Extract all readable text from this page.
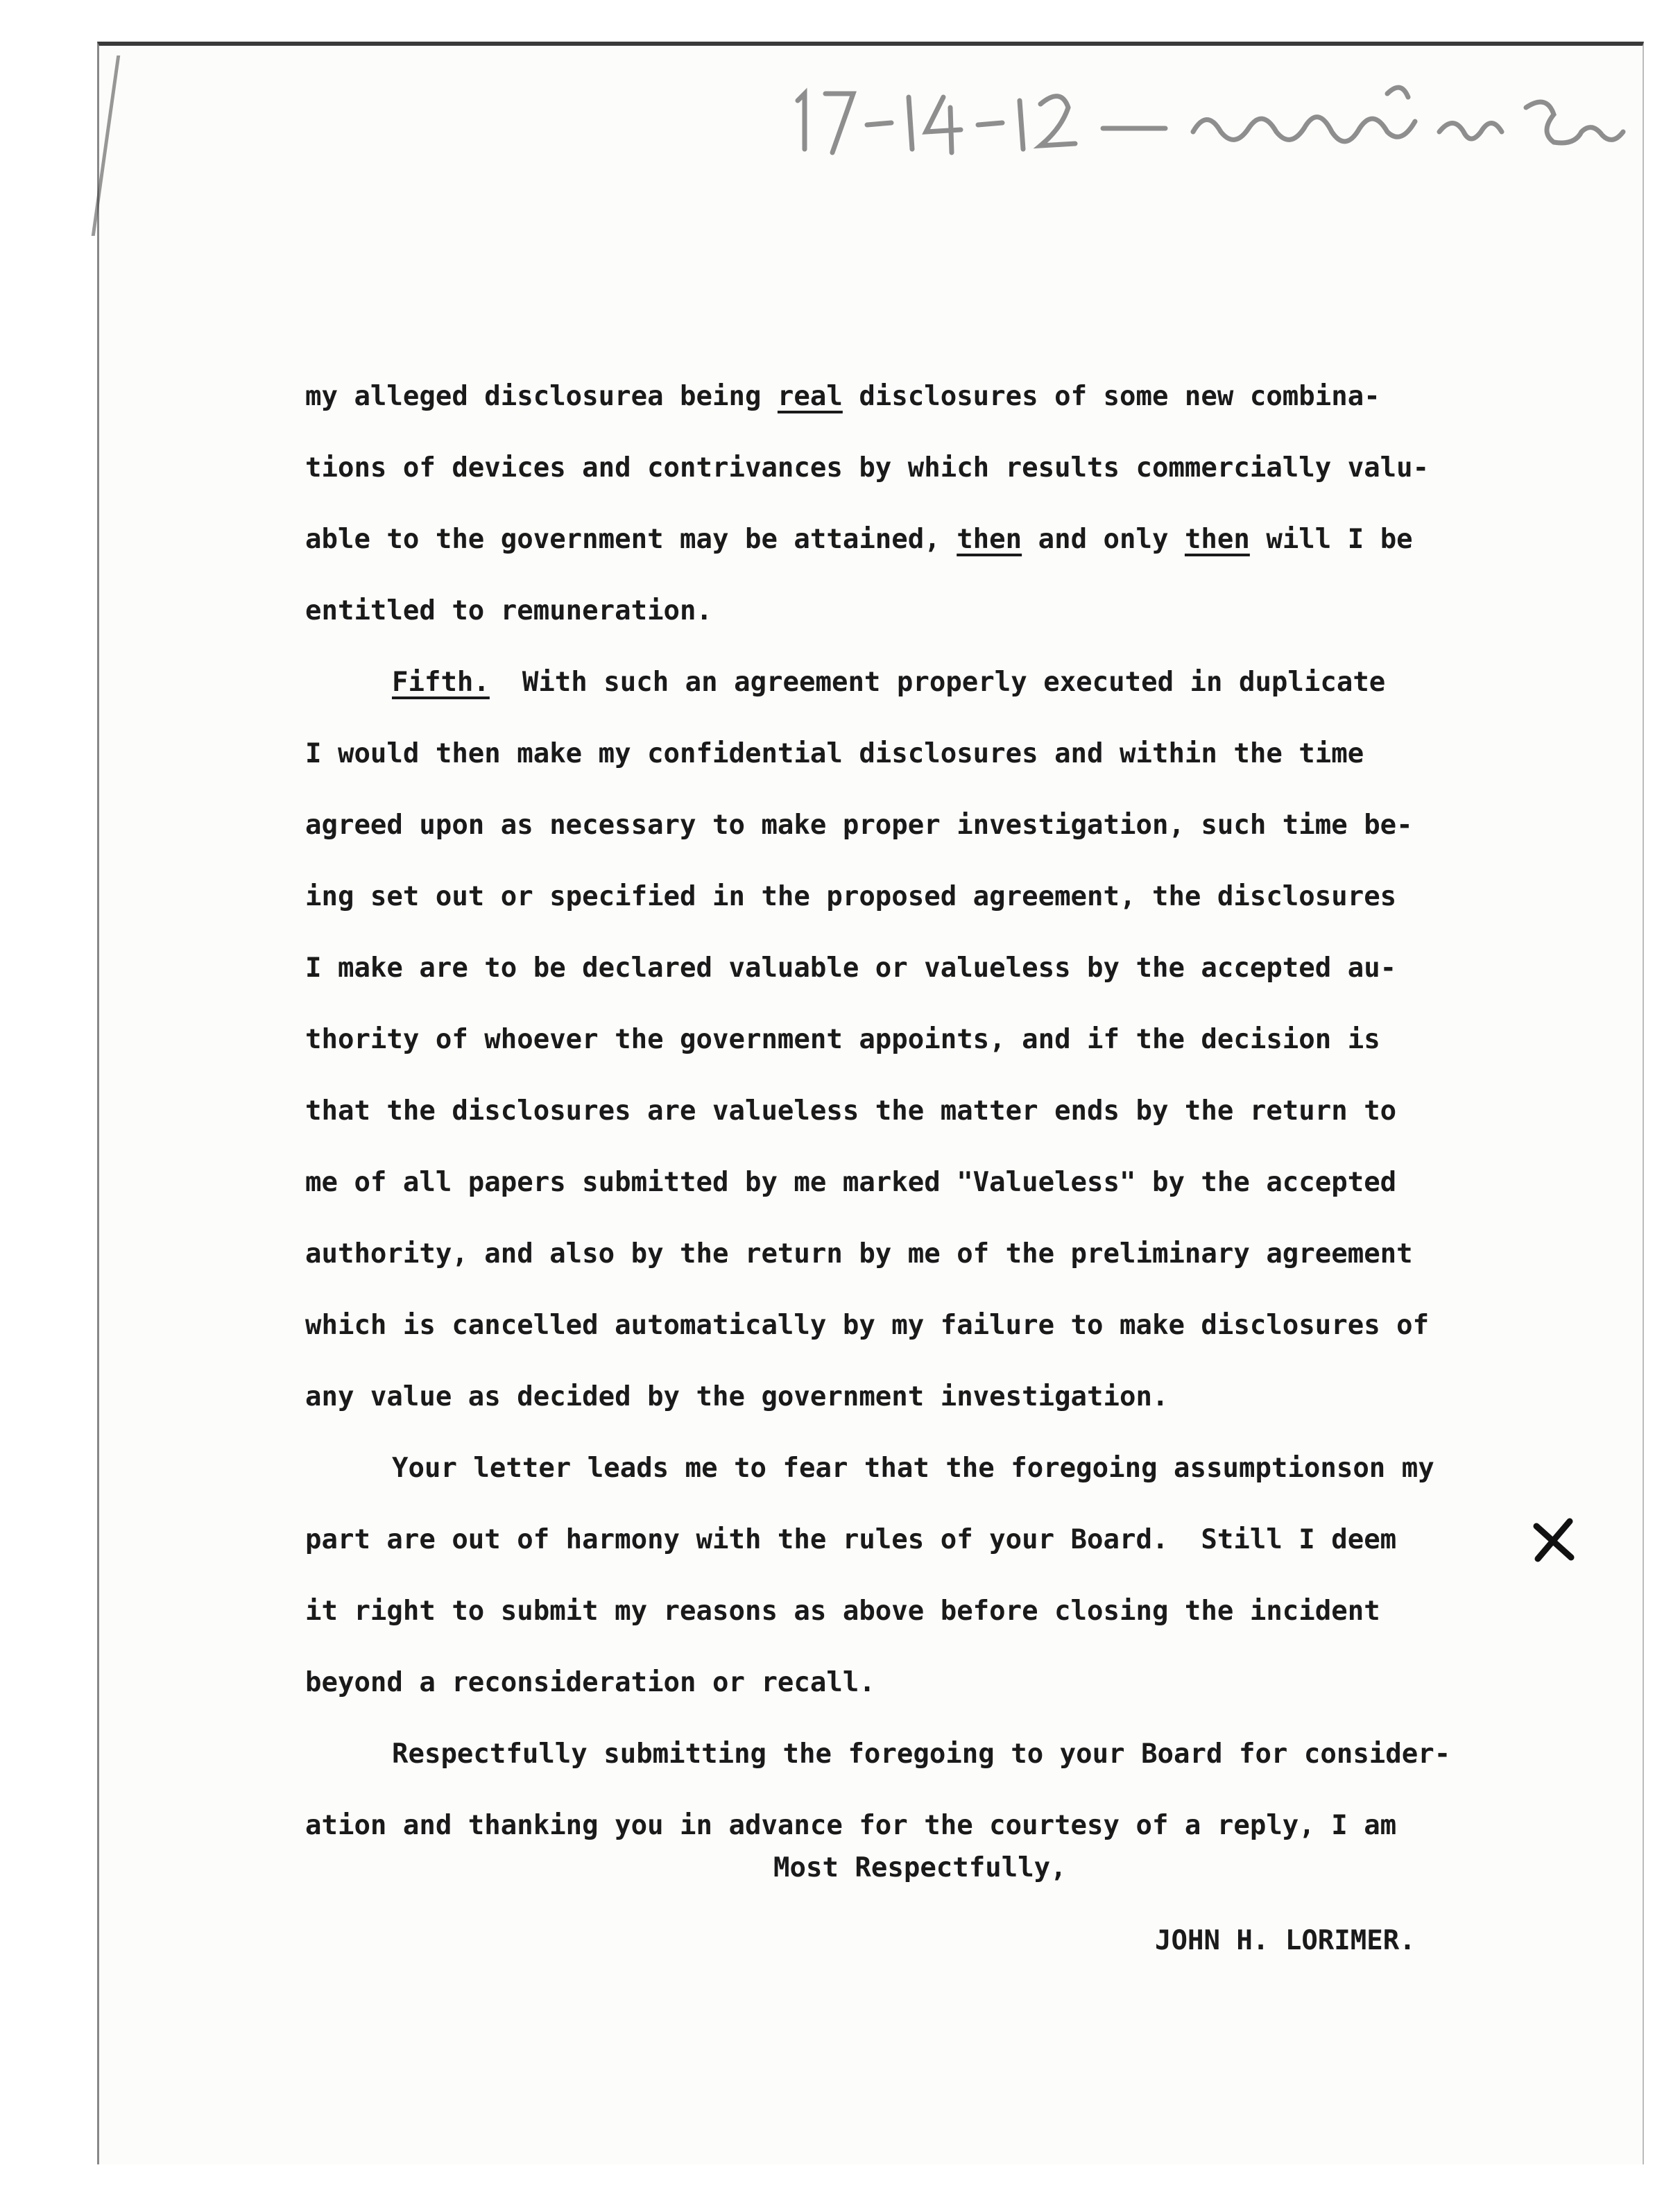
my alleged disclosurea being real disclosures of some new combina-
tions of devices and contrivances by which results commercially valu-
able to the government may be attained, then and only then will I be
entitled to remuneration.
Fifth.  With such an agreement properly executed in duplicate
I would then make my confidential disclosures and within the time
agreed upon as necessary to make proper investigation, such time be-
ing set out or specified in the proposed agreement, the disclosures
I make are to be declared valuable or valueless by the accepted au-
thority of whoever the government appoints, and if the decision is
that the disclosures are valueless the matter ends by the return to
me of all papers submitted by me marked "Valueless" by the accepted
authority, and also by the return by me of the preliminary agreement
which is cancelled automatically by my failure to make disclosures of
any value as decided by the government investigation.
Your letter leads me to fear that the foregoing assumptionson my
part are out of harmony with the rules of your Board.  Still I deem
it right to submit my reasons as above before closing the incident
beyond a reconsideration or recall.
Respectfully submitting the foregoing to your Board for consider-
ation and thanking you in advance for the courtesy of a reply, I am
Most Respectfully,
JOHN H. LORIMER.
